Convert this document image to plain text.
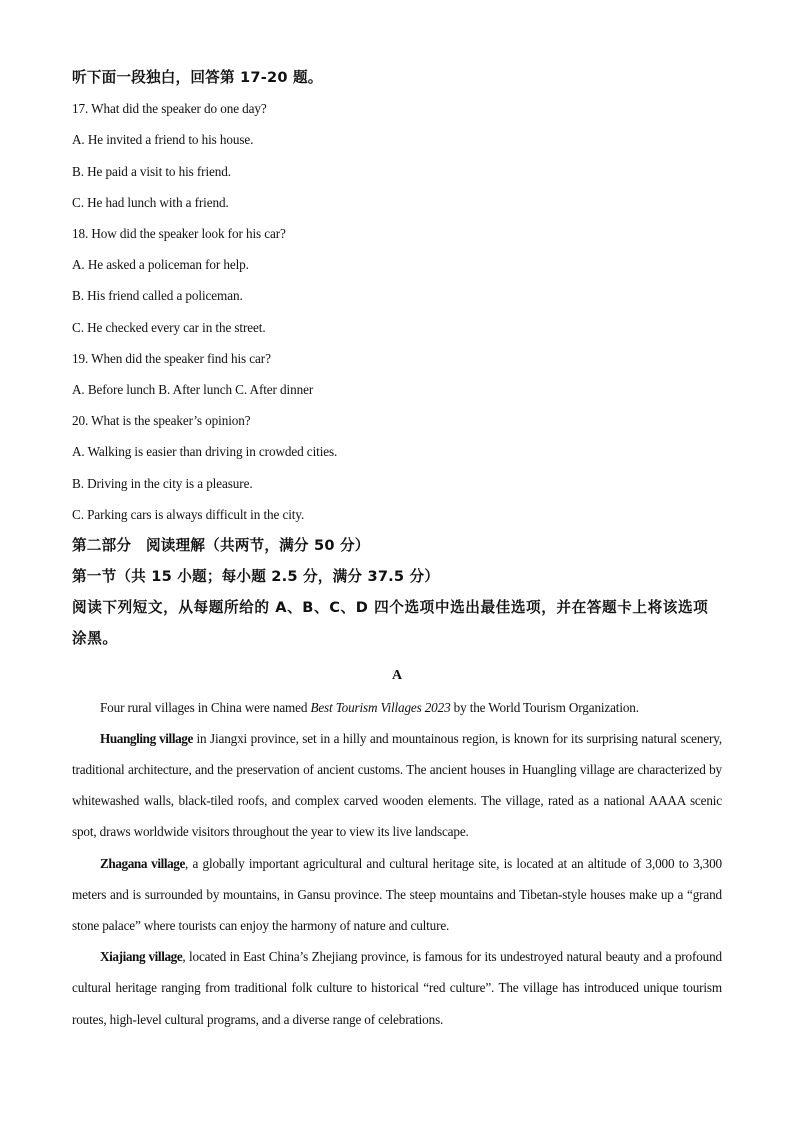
听下面一段独白，回答第 17-20 题。
17. What did the speaker do one day?
A. He invited a friend to his house.
B. He paid a visit to his friend.
C. He had lunch with a friend.
18. How did the speaker look for his car?
A. He asked a policeman for help.
B. His friend called a policeman.
C. He checked every car in the street.
19. When did the speaker find his car?
A. Before lunch B. After lunch C. After dinner
20. What is the speaker’s opinion?
A. Walking is easier than driving in crowded cities.
B. Driving in the city is a pleasure.
C. Parking cars is always difficult in the city.
第二部分　阅读理解（共两节，满分 50 分）
第一节（共 15 小题；每小题 2.5 分，满分 37.5 分）
阅读下列短文，从每题所给的 A、B、C、D 四个选项中选出最佳选项，并在答题卡上将该选项涂黑。
A
Four rural villages in China were named Best Tourism Villages 2023 by the World Tourism Organization.
Huangling village in Jiangxi province, set in a hilly and mountainous region, is known for its surprising natural scenery, traditional architecture, and the preservation of ancient customs. The ancient houses in Huangling village are characterized by whitewashed walls, black-tiled roofs, and complex carved wooden elements. The village, rated as a national AAAA scenic spot, draws worldwide visitors throughout the year to view its live landscape.
Zhagana village, a globally important agricultural and cultural heritage site, is located at an altitude of 3,000 to 3,300 meters and is surrounded by mountains, in Gansu province. The steep mountains and Tibetan-style houses make up a “grand stone palace” where tourists can enjoy the harmony of nature and culture.
Xiajiang village, located in East China’s Zhejiang province, is famous for its undestroyed natural beauty and a profound cultural heritage ranging from traditional folk culture to historical “red culture”. The village has introduced unique tourism routes, high-level cultural programs, and a diverse range of celebrations.
